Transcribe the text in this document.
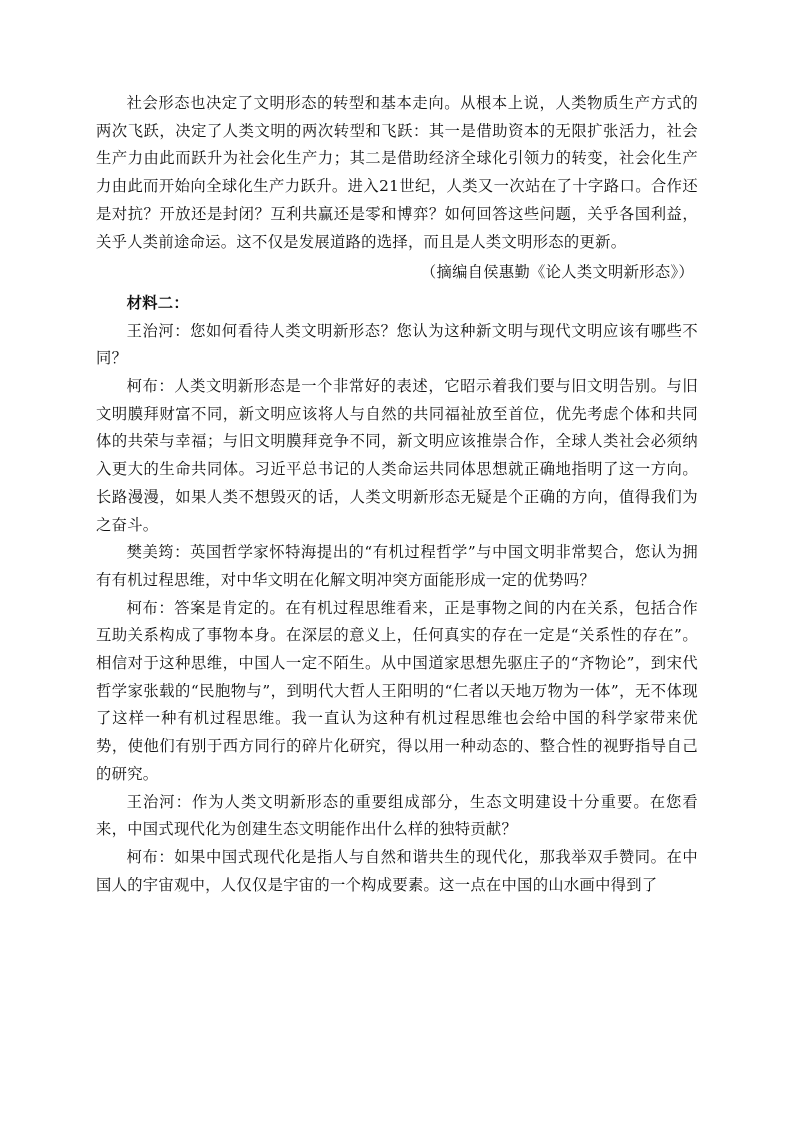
社会形态也决定了文明形态的转型和基本走向。从根本上说，人类物质生产方式的两次飞跃，决定了人类文明的两次转型和飞跃：其一是借助资本的无限扩张活力，社会生产力由此而跃升为社会化生产力；其二是借助经济全球化引领力的转变，社会化生产力由此而开始向全球化生产力跃升。进入21世纪，人类又一次站在了十字路口。合作还是对抗？开放还是封闭？互利共赢还是零和博弈？如何回答这些问题，关乎各国利益，关乎人类前途命运。这不仅是发展道路的选择，而且是人类文明形态的更新。

（摘编自侯惠勤《论人类文明新形态》）

材料二：

王治河：您如何看待人类文明新形态？您认为这种新文明与现代文明应该有哪些不同？

柯布：人类文明新形态是一个非常好的表述，它昭示着我们要与旧文明告别。与旧文明膜拜财富不同，新文明应该将人与自然的共同福祉放至首位，优先考虑个体和共同体的共荣与幸福；与旧文明膜拜竞争不同，新文明应该推崇合作，全球人类社会必须纳入更大的生命共同体。习近平总书记的人类命运共同体思想就正确地指明了这一方向。长路漫漫，如果人类不想毁灭的话，人类文明新形态无疑是个正确的方向，值得我们为之奋斗。

樊美筠：英国哲学家怀特海提出的“有机过程哲学”与中国文明非常契合，您认为拥有有机过程思维，对中华文明在化解文明冲突方面能形成一定的优势吗？

柯布：答案是肯定的。在有机过程思维看来，正是事物之间的内在关系，包括合作互助关系构成了事物本身。在深层的意义上，任何真实的存在一定是“关系性的存在”。相信对于这种思维，中国人一定不陌生。从中国道家思想先驱庄子的“齐物论”，到宋代哲学家张载的“民胞物与”，到明代大哲人王阳明的“仁者以天地万物为一体”，无不体现了这样一种有机过程思维。我一直认为这种有机过程思维也会给中国的科学家带来优势，使他们有别于西方同行的碎片化研究，得以用一种动态的、整合性的视野指导自己的研究。

王治河：作为人类文明新形态的重要组成部分，生态文明建设十分重要。在您看来，中国式现代化为创建生态文明能作出什么样的独特贡献？

柯布：如果中国式现代化是指人与自然和谐共生的现代化，那我举双手赞同。在中国人的宇宙观中，人仅仅是宇宙的一个构成要素。这一点在中国的山水画中得到了
